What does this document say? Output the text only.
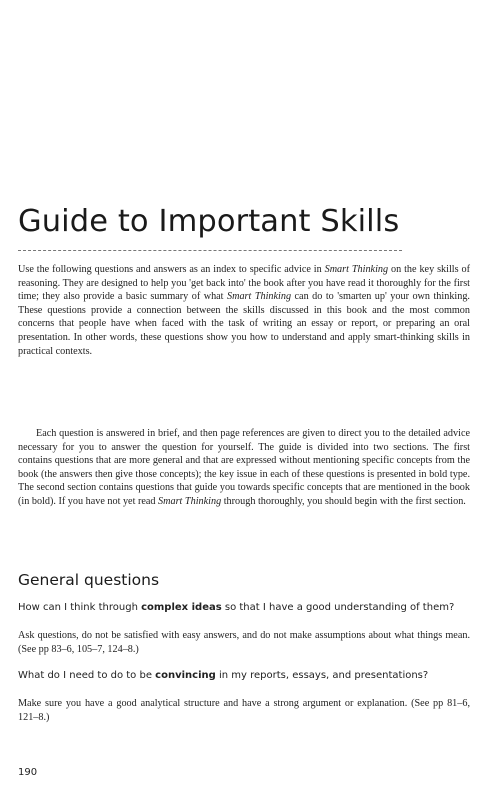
Guide to Important Skills

Use the following questions and answers as an index to specific advice in Smart Thinking on the key skills of reasoning. They are designed to help you 'get back into' the book after you have read it thoroughly for the first time; they also provide a basic summary of what Smart Thinking can do to 'smarten up' your own thinking. These questions provide a connection between the skills discussed in this book and the most common concerns that people have when faced with the task of writing an essay or report, or preparing an oral presentation. In other words, these questions show you how to understand and apply smart-thinking skills in practical contexts.

Each question is answered in brief, and then page references are given to direct you to the detailed advice necessary for you to answer the question for yourself. The guide is divided into two sections. The first contains questions that are more general and that are expressed without mentioning specific concepts from the book (the answers then give those concepts); the key issue in each of these questions is presented in bold type. The second section contains questions that guide you towards specific concepts that are mentioned in the book (in bold). If you have not yet read Smart Thinking through thoroughly, you should begin with the first section.

General questions

How can I think through complex ideas so that I have a good understanding of them?

Ask questions, do not be satisfied with easy answers, and do not make assumptions about what things mean. (See pp 83–6, 105–7, 124–8.)

What do I need to do to be convincing in my reports, essays, and presentations?

Make sure you have a good analytical structure and have a strong argument or explanation. (See pp 81–6, 121–8.)

190
